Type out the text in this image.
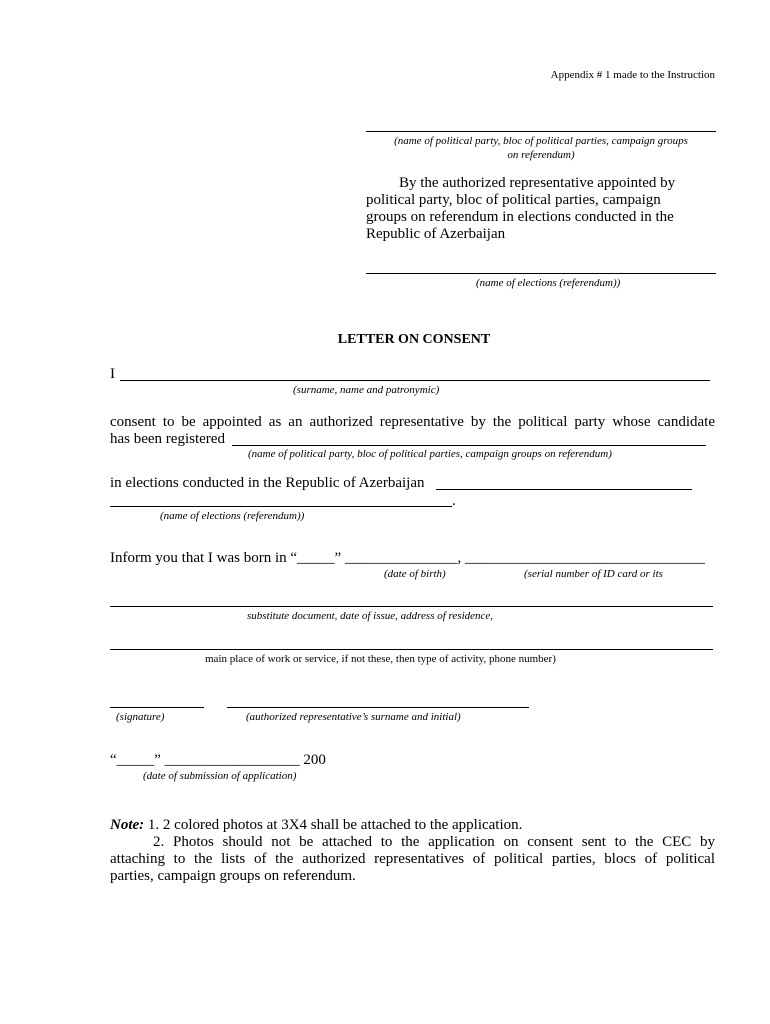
Appendix # 1 made to the Instruction
(name of political party, bloc of political parties, campaign groups
on referendum)
By the authorized representative appointed by
political party, bloc of political parties, campaign
groups on referendum in elections conducted in the
Republic of Azerbaijan
(name of elections (referendum))
LETTER ON CONSENT
I
(surname, name and patronymic)
consent to be appointed as an authorized representative by the political party whose candidate
has been registered
(name of political party, bloc of political parties, campaign groups on referendum)
in elections conducted in the Republic of Azerbaijan
.
(name of elections (referendum))
Inform you that I was born in “_____” _______________, ________________________________
(date of birth)	(serial number of ID card or its
substitute document, date of issue, address of residence,
main place of work or service, if not these, then type of activity, phone number)
(signature)	(authorized representative’s surname and initial)
“_____” __________________ 200
(date of submission of application)
Note: 1. 2 colored photos at 3X4 shall be attached to the application.
2. Photos should not be attached to the application on consent sent to the CEC by
attaching to the lists of the authorized representatives of political parties, blocs of political
parties, campaign groups on referendum.
